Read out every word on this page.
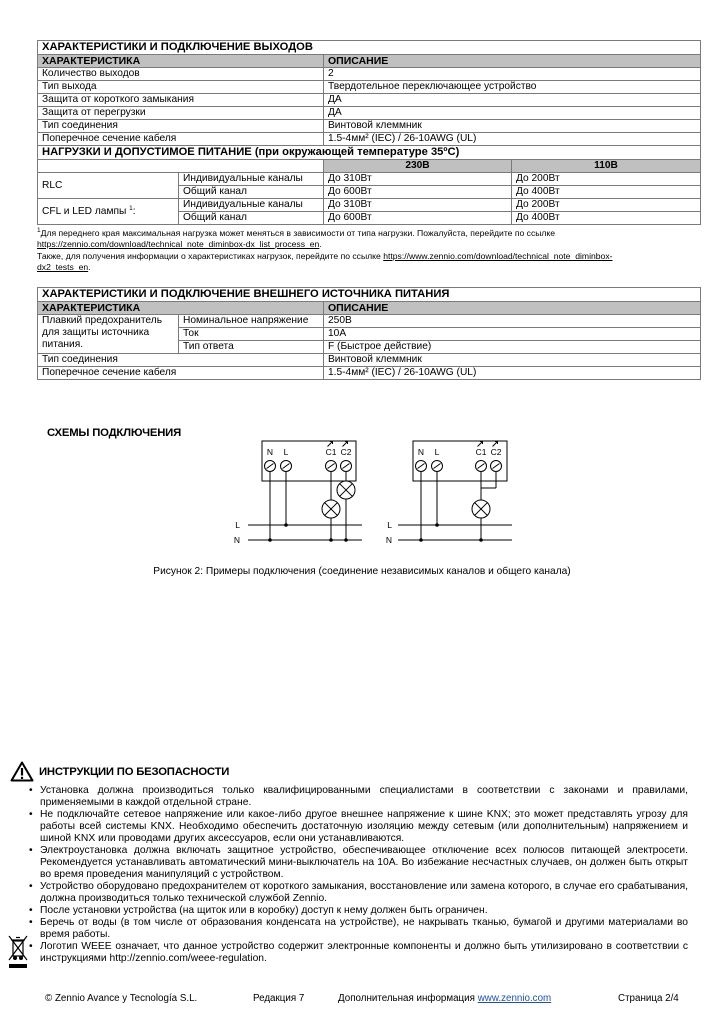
ХАРАКТЕРИСТИКИ И ПОДКЛЮЧЕНИЕ ВЫХОДОВ			
ХАРАКТЕРИСТИКА		ОПИСАНИЕ	
Количество выходов		2	
Тип выхода		Твердотельное переключающее устройство	
Защита от короткого замыкания		ДА	
Защита от перегрузки		ДА	
Тип соединения		Винтовой клеммник	
Поперечное сечение кабеля		1.5-4мм² (IEC) / 26-10AWG (UL)	
НАГРУЗКИ И ДОПУСТИМОЕ ПИТАНИЕ (при окружающей температуре 35ºC)			
		230В	110В
RLC	Индивидуальные каналы	До 310Вт	До 200Вт
	Общий канал	До 600Вт	До 400Вт
CFL и LED лампы $^1$:	Индивидуальные каналы	До 310Вт	До 200Вт
	Общий канал	До 600Вт	До 400Вт
$^1$Для переднего края максимальная нагрузка может меняться в зависимости от типа нагрузки. Пожалуйста, перейдите по ссылке
https://zennio.com/download/technical_note_diminbox-dx_list_process_en.
Также, для получения информации о характеристиках нагрузок, перейдите по ссылке https://www.zennio.com/download/technical_note_diminbox-
dx2_tests_en.
ХАРАКТЕРИСТИКИ И ПОДКЛЮЧЕНИЕ ВНЕШНЕГО ИСТОЧНИКА ПИТАНИЯ		
ХАРАКТЕРИСТИКА		ОПИСАНИЕ
Плавкий предохранитель для защиты источника питания.	Номинальное напряжение	250В
	Ток	10А
	Тип ответа	F (Быстрое действие)
Тип соединения		Винтовой клеммник
Поперечное сечение кабеля		1.5-4мм² (IEC) / 26-10AWG (UL)
СХЕМЫ ПОДКЛЮЧЕНИЯ
N L	C1 C2
L
N
N L	C1 C2
L
N
Рисунок 2: Примеры подключения (соединение независимых каналов и общего канала)
ИНСТРУКЦИИ ПО БЕЗОПАСНОСТИ
• Установка должна производиться только квалифицированными специалистами в соответствии с законами и правилами, применяемыми в каждой отдельной стране.
• Не подключайте сетевое напряжение или какое-либо другое внешнее напряжение к шине KNX; это может представлять угрозу для работы всей системы KNX. Необходимо обеспечить достаточную изоляцию между сетевым (или дополнительным) напряжением и шиной KNX или проводами других аксессуаров, если они устанавливаются.
• Электроустановка должна включать защитное устройство, обеспечивающее отключение всех полюсов питающей электросети. Рекомендуется устанавливать автоматический мини-выключатель на 10А. Во избежание несчастных случаев, он должен быть открыт во время проведения манипуляций с устройством.
• Устройство оборудовано предохранителем от короткого замыкания, восстановление или замена которого, в случае его срабатывания, должна производиться только технической службой Zennio.
• После установки устройства (на щиток или в коробку) доступ к нему должен быть ограничен.
• Беречь от воды (в том числе от образования конденсата на устройстве), не накрывать тканью, бумагой и другими материалами во время работы.
• Логотип WEEE означает, что данное устройство содержит электронные компоненты и должно быть утилизировано в соответствии с инструкциями http://zennio.com/weee-regulation.
© Zennio Avance y Tecnología S.L.	Редакция 7	Дополнительная информация www.zennio.com	Страница 2/4
